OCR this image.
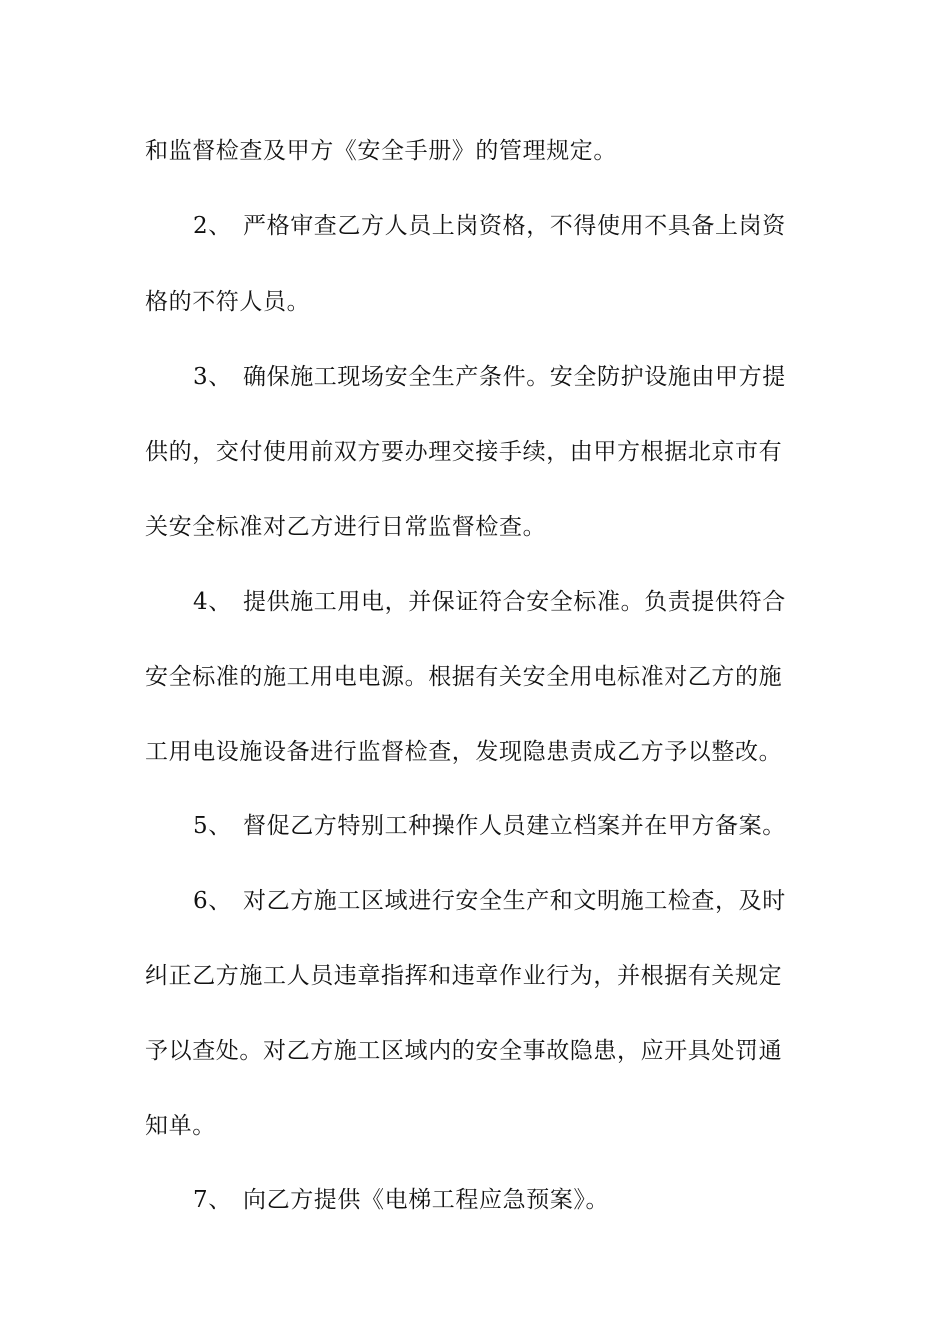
和监督检查及甲方《安全手册》的管理规定。
2、 严格审查乙方人员上岗资格，不得使用不具备上岗资
格的不符人员。
3、 确保施工现场安全生产条件。安全防护设施由甲方提
供的，交付使用前双方要办理交接手续，由甲方根据北京市有
关安全标准对乙方进行日常监督检查。
4、 提供施工用电，并保证符合安全标准。负责提供符合
安全标准的施工用电电源。根据有关安全用电标准对乙方的施
工用电设施设备进行监督检查，发现隐患责成乙方予以整改。
5、 督促乙方特别工种操作人员建立档案并在甲方备案。
6、 对乙方施工区域进行安全生产和文明施工检查，及时
纠正乙方施工人员违章指挥和违章作业行为，并根据有关规定
予以查处。对乙方施工区域内的安全事故隐患，应开具处罚通
知单。
7、 向乙方提供《电梯工程应急预案》。
